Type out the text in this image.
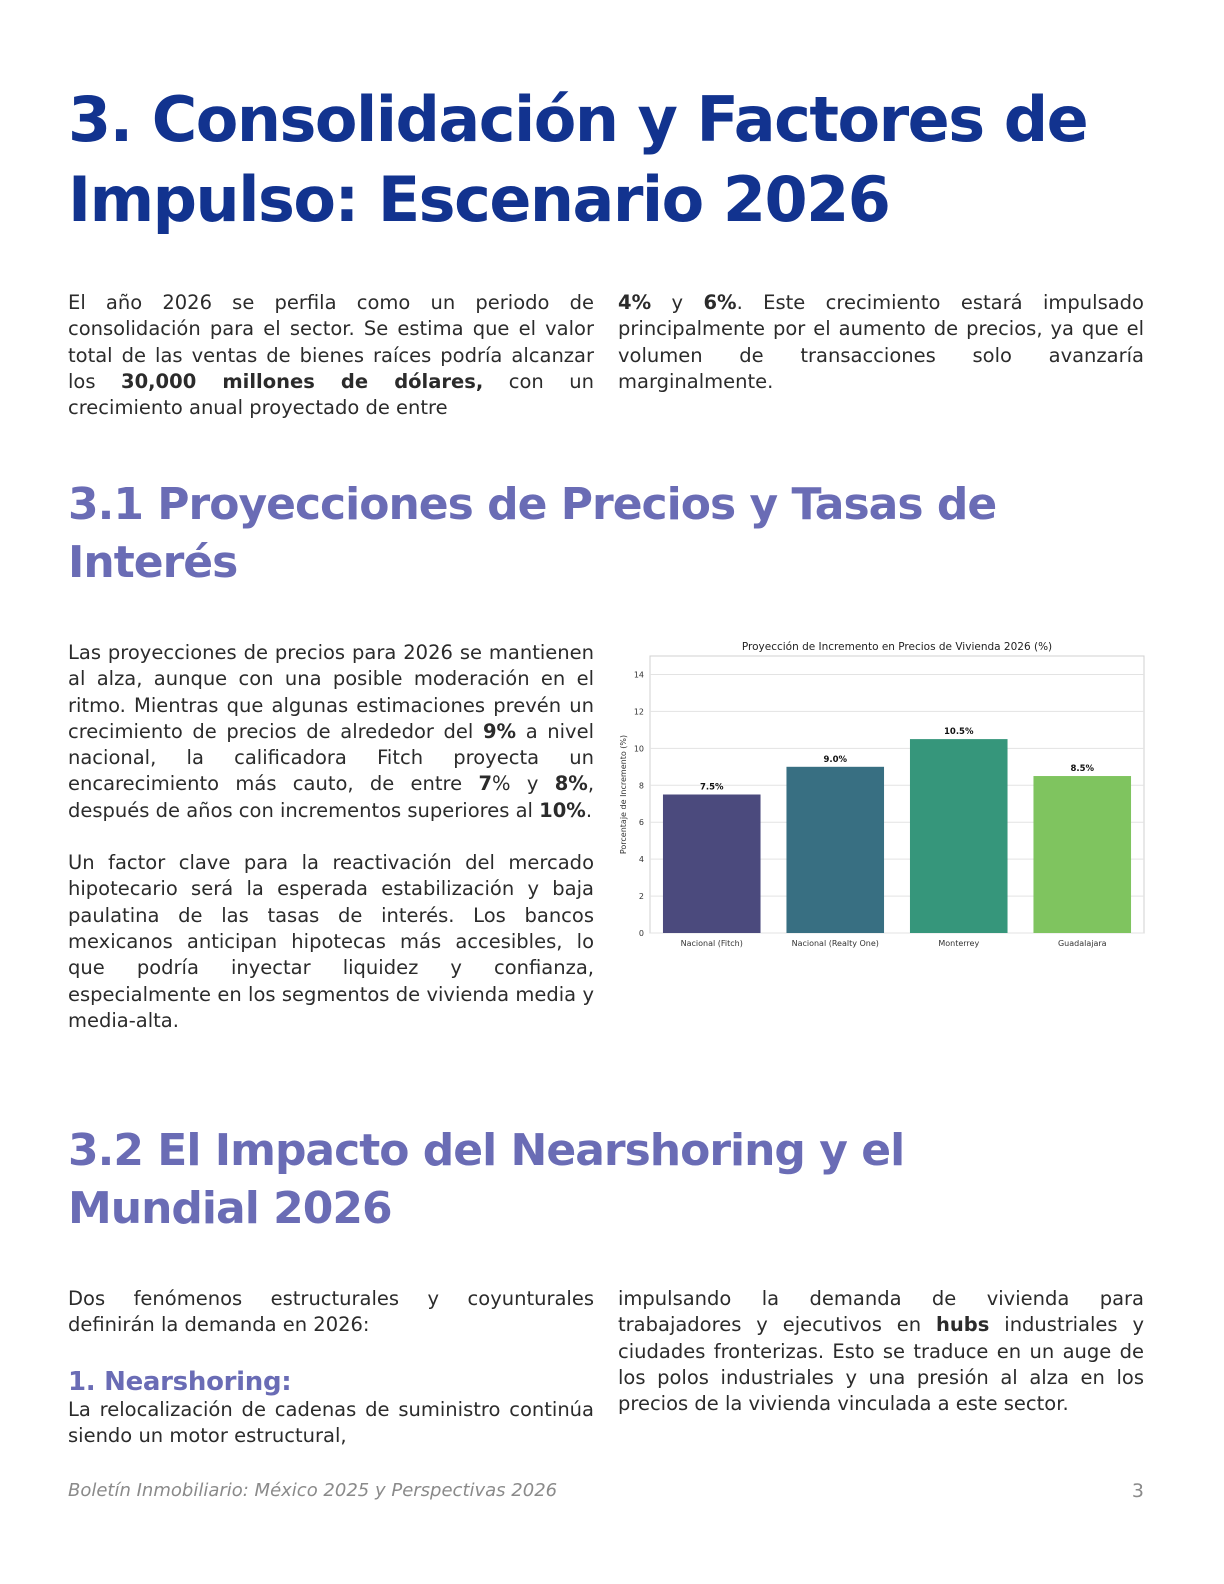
3. Consolidación y Factores de Impulso: Escenario 2026

El año 2026 se perfila como un periodo de consolidación para el sector. Se estima que el valor total de las ventas de bienes raíces podría alcanzar los 30,000 millones de dólares, con un crecimiento anual proyectado de entre

4% y 6%. Este crecimiento estará impulsado principalmente por el aumento de precios, ya que el volumen de transacciones solo avanzaría marginalmente.

3.1 Proyecciones de Precios y Tasas de Interés

Las proyecciones de precios para 2026 se mantienen al alza, aunque con una posible moderación en el ritmo. Mientras que algunas estimaciones prevén un crecimiento de precios de alrededor del 9% a nivel nacional, la calificadora Fitch proyecta un encarecimiento más cauto, de entre 7% y 8%, después de años con incrementos superiores al 10%.

Un factor clave para la reactivación del mercado hipotecario será la esperada estabilización y baja paulatina de las tasas de interés. Los bancos mexicanos anticipan hipotecas más accesibles, lo que podría inyectar liquidez y confianza, especialmente en los segmentos de vivienda media y media-alta.

Proyección de Incremento en Precios de Vivienda 2026 (%)
0
2
4
6
8
10
12
14
Porcentaje de Incremento (%)	7.5%
Nacional (Fitch)
9.0%
Nacional (Realty One)
10.5%
Monterrey
8.5%
Guadalajara
3.2 El Impacto del Nearshoring y el Mundial 2026

Dos fenómenos estructurales y coyunturales definirán la demanda en 2026:

1. Nearshoring:

La relocalización de cadenas de suministro continúa siendo un motor estructural,

impulsando la demanda de vivienda para trabajadores y ejecutivos en hubs industriales y ciudades fronterizas. Esto se traduce en un auge de los polos industriales y una presión al alza en los precios de la vivienda vinculada a este sector.

Boletín Inmobiliario: México 2025 y Perspectivas 2026	3
